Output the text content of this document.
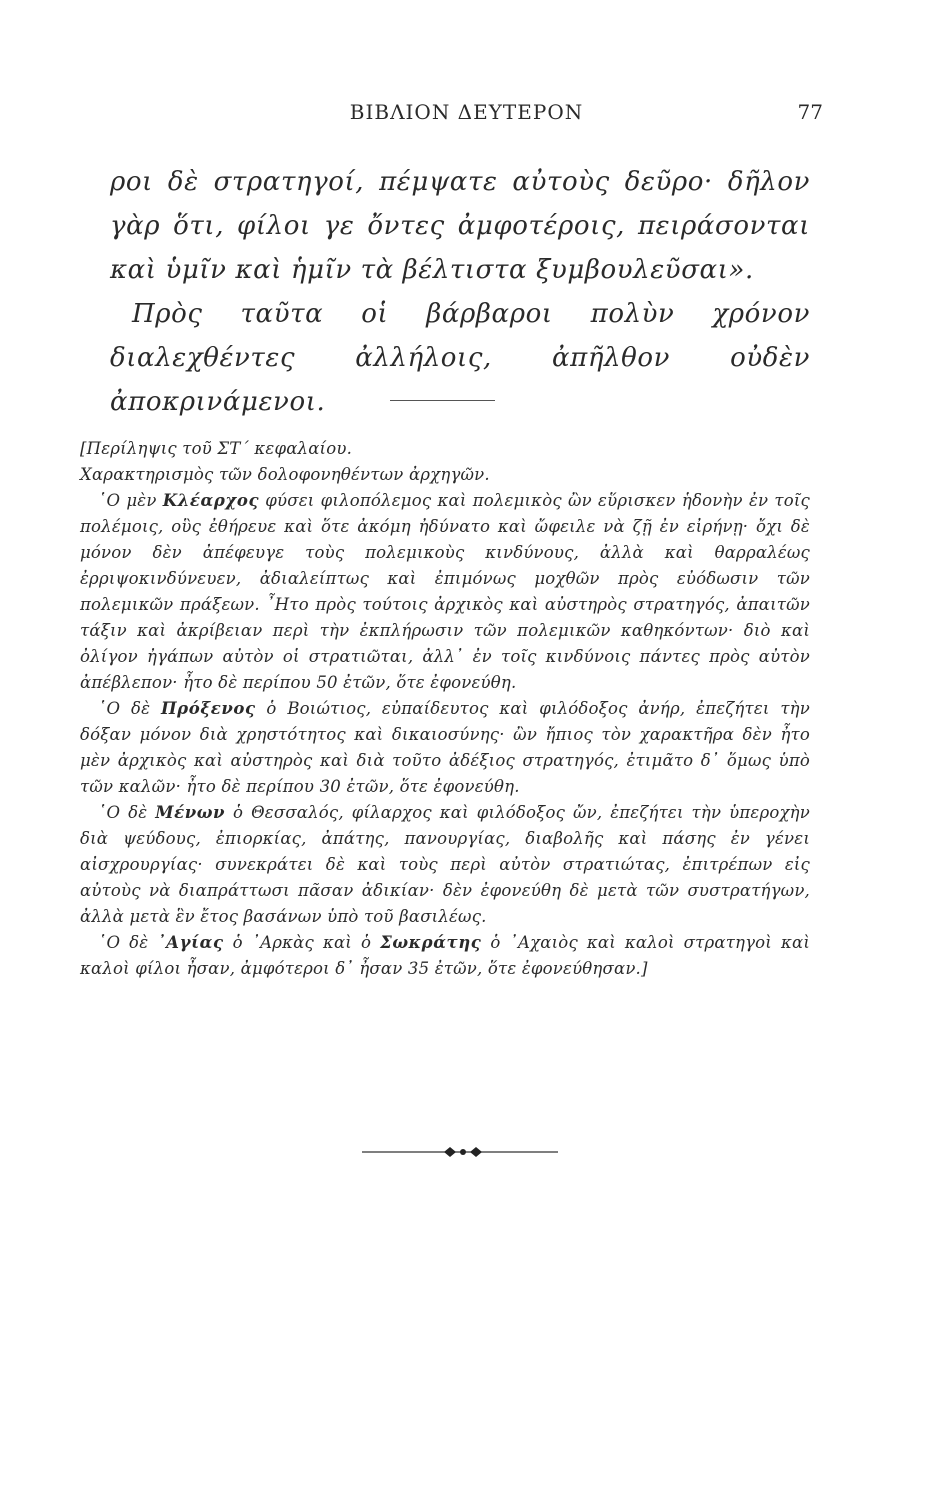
ΒΙΒΛΙΟΝ ΔΕΥΤΕΡΟΝ	77

ροι δὲ στρατηγοί, πέμψατε αὐτοὺς δεῦρο· δῆλον γὰρ ὅτι, φίλοι γε ὄντες ἀμφοτέροις, πειράσονται καὶ ὑμῖν καὶ ἡμῖν τὰ βέλτιστα ξυμβουλεῦσαι».

Πρὸς ταῦτα οἱ βάρβαροι πολὺν χρόνον διαλεχθέντες ἀλλήλοις, ἀπῆλθον οὐδὲν ἀποκρινάμενοι.

[Περίληψις τοῦ ΣΤ΄ κεφαλαίου.

Χαρακτηρισμὸς τῶν δολοφονηθέντων ἀρχηγῶν.

῾Ο μὲν Κλέαρχος φύσει φιλοπόλεμος καὶ πολεμικὸς ὢν εὕρισκεν ἡδονὴν ἐν τοῖς πολέμοις, οὓς ἐθήρευε καὶ ὅτε ἀκόμη ἠδύνατο καὶ ὤφειλε νὰ ζῇ ἐν εἰρήνῃ· ὄχι δὲ μόνον δὲν ἀπέφευγε τοὺς πολεμικοὺς κινδύνους, ἀλλὰ καὶ θαρραλέως ἐρριψοκινδύνευεν, ἀδιαλείπτως καὶ ἐπιμόνως μοχθῶν πρὸς εὐόδωσιν τῶν πολεμικῶν πράξεων. ῏Ητο πρὸς τούτοις ἀρχικὸς καὶ αὐστηρὸς στρατηγός, ἀπαιτῶν τάξιν καὶ ἀκρίβειαν περὶ τὴν ἐκπλήρωσιν τῶν πολεμικῶν καθηκόντων· διὸ καὶ ὀλίγον ἠγάπων αὐτὸν οἱ στρατιῶται, ἀλλ᾽ ἐν τοῖς κινδύνοις πάντες πρὸς αὐτὸν ἀπέβλεπον· ἦτο δὲ περίπου 50 ἐτῶν, ὅτε ἐφονεύθη.

῾Ο δὲ Πρόξενος ὁ Βοιώτιος, εὐπαίδευτος καὶ φιλόδοξος ἀνήρ, ἐπεζήτει τὴν δόξαν μόνον διὰ χρηστότητος καὶ δικαιοσύνης· ὢν ἤπιος τὸν χαρακτῆρα δὲν ἦτο μὲν ἀρχικὸς καὶ αὐστηρὸς καὶ διὰ τοῦτο ἀδέξιος στρατηγός, ἐτιμᾶτο δ᾽ ὅμως ὑπὸ τῶν καλῶν· ἦτο δὲ περίπου 30 ἐτῶν, ὅτε ἐφονεύθη.

῾Ο δὲ Μένων ὁ Θεσσαλός, φίλαρχος καὶ φιλόδοξος ὤν, ἐπεζήτει τὴν ὑπεροχὴν διὰ ψεύδους, ἐπιορκίας, ἀπάτης, πανουργίας, διαβολῆς καὶ πάσης ἐν γένει αἰσχρουργίας· συνεκράτει δὲ καὶ τοὺς περὶ αὐτὸν στρατιώτας, ἐπιτρέπων εἰς αὐτοὺς νὰ διαπράττωσι πᾶσαν ἀδικίαν· δὲν ἐφονεύθη δὲ μετὰ τῶν συστρατήγων, ἀλλὰ μετὰ ἓν ἔτος βασάνων ὑπὸ τοῦ βασιλέως.

῾Ο δὲ ᾽Αγίας ὁ ᾽Αρκὰς καὶ ὁ Σωκράτης ὁ ᾽Αχαιὸς καὶ καλοὶ στρατηγοὶ καὶ καλοὶ φίλοι ἦσαν, ἀμφότεροι δ᾽ ἦσαν 35 ἐτῶν, ὅτε ἐφονεύθησαν.]
